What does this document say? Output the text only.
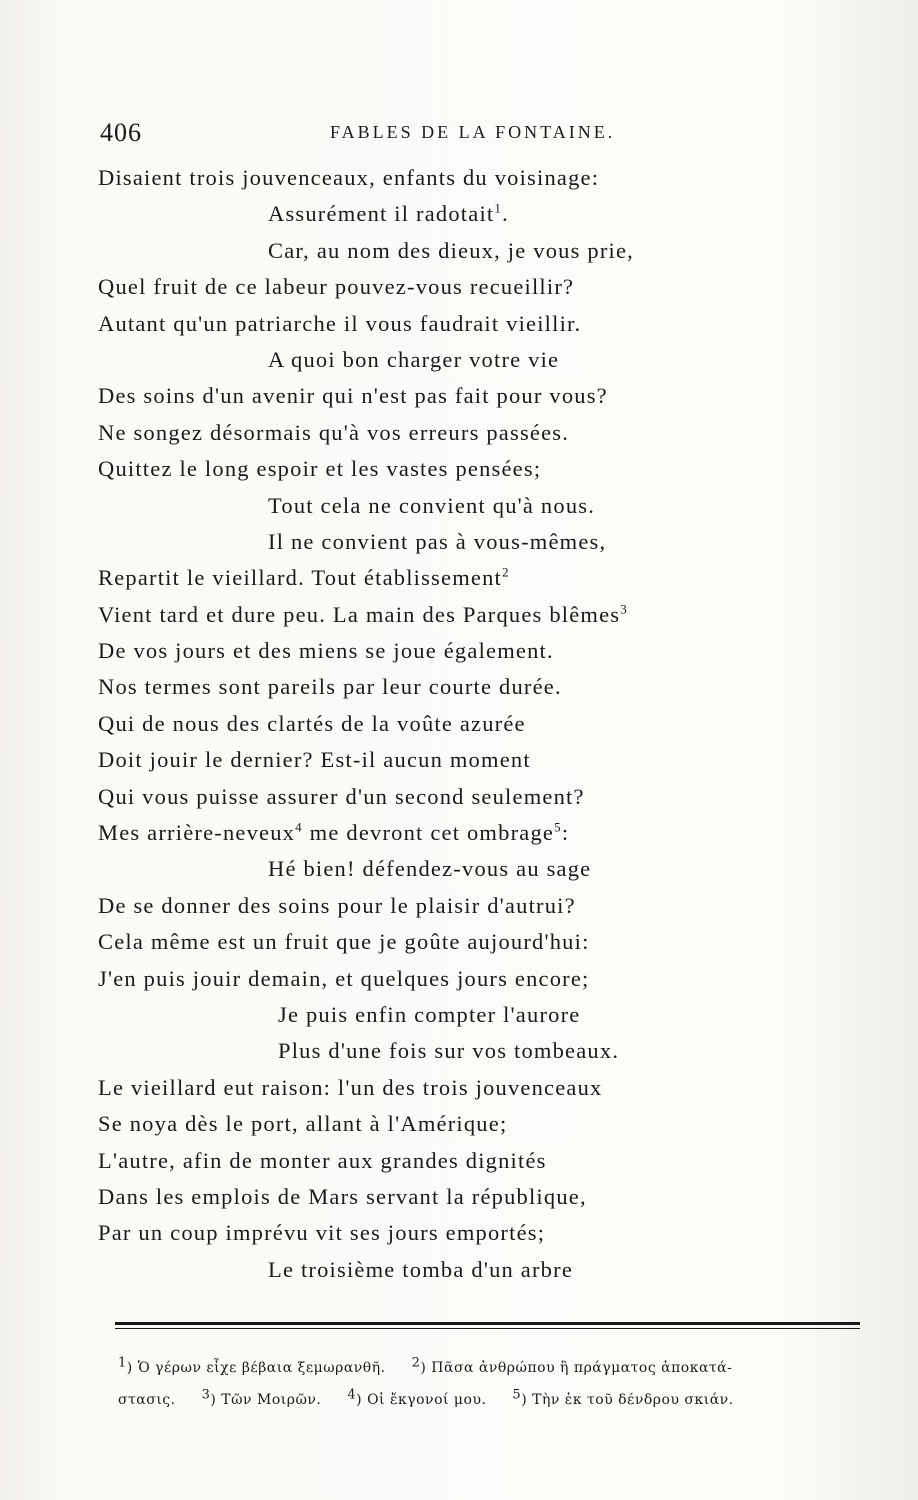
406	FABLES DE LA FONTAINE.
Disaient trois jouvenceaux, enfants du voisinage:
Assurément il radotait$^1$.
Car, au nom des dieux, je vous prie,
Quel fruit de ce labeur pouvez-vous recueillir?
Autant qu'un patriarche il vous faudrait vieillir.
A quoi bon charger votre vie
Des soins d'un avenir qui n'est pas fait pour vous?
Ne songez désormais qu'à vos erreurs passées.
Quittez le long espoir et les vastes pensées;
Tout cela ne convient qu'à nous.
Il ne convient pas à vous-mêmes,
Repartit le vieillard. Tout établissement$^2$
Vient tard et dure peu. La main des Parques blêmes$^3$
De vos jours et des miens se joue également.
Nos termes sont pareils par leur courte durée.
Qui de nous des clartés de la voûte azurée
Doit jouir le dernier? Est-il aucun moment
Qui vous puisse assurer d'un second seulement?
Mes arrière-neveux$^4$ me devront cet ombrage$^5$:
Hé bien! défendez-vous au sage
De se donner des soins pour le plaisir d'autrui?
Cela même est un fruit que je goûte aujourd'hui:
J'en puis jouir demain, et quelques jours encore;
Je puis enfin compter l'aurore
Plus d'une fois sur vos tombeaux.
Le vieillard eut raison: l'un des trois jouvenceaux
Se noya dès le port, allant à l'Amérique;
L'autre, afin de monter aux grandes dignités
Dans les emplois de Mars servant la république,
Par un coup imprévu vit ses jours emportés;
Le troisième tomba d'un arbre
$^1$) Ὁ γέρων εἶχε βέβαια ξεμωρανθῆ. $^2$) Πᾶσα ἀνθρώπου ἢ πράγματος ἀποκατά-
στασις. $^3$) Τῶν Μοιρῶν. $^4$) Οἱ ἔκγονοί μου. $^5$) Τὴν ἐκ τοῦ δένδρου σκιάν.
